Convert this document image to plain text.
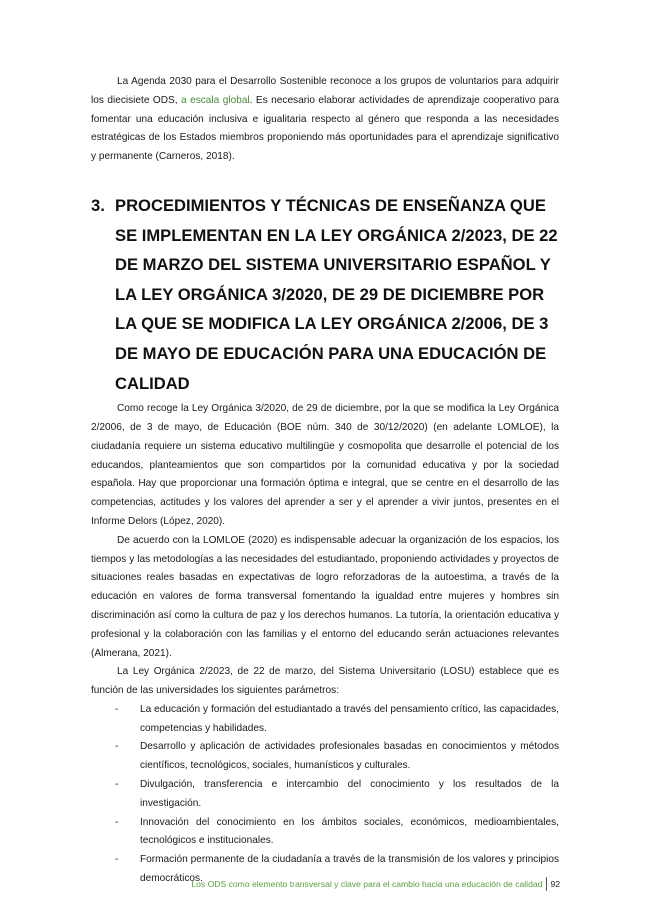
La Agenda 2030 para el Desarrollo Sostenible reconoce a los grupos de voluntarios para adquirir los diecisiete ODS, a escala global. Es necesario elaborar actividades de aprendizaje cooperativo para fomentar una educación inclusiva e igualitaria respecto al género que responda a las necesidades estratégicas de los Estados miembros proponiendo más oportunidades para el aprendizaje significativo y permanente (Carneros, 2018).

3. PROCEDIMIENTOS Y TÉCNICAS DE ENSEÑANZA QUE SE IMPLEMENTAN EN LA LEY ORGÁNICA 2/2023, DE 22 DE MARZO DEL SISTEMA UNIVERSITARIO ESPAÑOL Y LA LEY ORGÁNICA 3/2020, DE 29 DE DICIEMBRE POR LA QUE SE MODIFICA LA LEY ORGÁNICA 2/2006, DE 3 DE MAYO DE EDUCACIÓN PARA UNA EDUCACIÓN DE CALIDAD

Como recoge la Ley Orgánica 3/2020, de 29 de diciembre, por la que se modifica la Ley Orgánica 2/2006, de 3 de mayo, de Educación (BOE núm. 340 de 30/12/2020) (en adelante LOMLOE), la ciudadanía requiere un sistema educativo multilingüe y cosmopolita que desarrolle el potencial de los educandos, planteamientos que son compartidos por la comunidad educativa y por la sociedad española. Hay que proporcionar una formación óptima e integral, que se centre en el desarrollo de las competencias, actitudes y los valores del aprender a ser y el aprender a vivir juntos, presentes en el Informe Delors (López, 2020).

De acuerdo con la LOMLOE (2020) es indispensable adecuar la organización de los espacios, los tiempos y las metodologías a las necesidades del estudiantado, proponiendo actividades y proyectos de situaciones reales basadas en expectativas de logro reforzadoras de la autoestima, a través de la educación en valores de forma transversal fomentando la igualdad entre mujeres y hombres sin discriminación así como la cultura de paz y los derechos humanos. La tutoría, la orientación educativa y profesional y la colaboración con las familias y el entorno del educando serán actuaciones relevantes (Almerana, 2021).

La Ley Orgánica 2/2023, de 22 de marzo, del Sistema Universitario (LOSU) establece que es función de las universidades los siguientes parámetros:

- La educación y formación del estudiantado a través del pensamiento crítico, las capacidades, competencias y habilidades.
- Desarrollo y aplicación de actividades profesionales basadas en conocimientos y métodos científicos, tecnológicos, sociales, humanísticos y culturales.
- Divulgación, transferencia e intercambio del conocimiento y los resultados de la investigación.
- Innovación del conocimiento en los ámbitos sociales, económicos, medioambientales, tecnológicos e institucionales.
- Formación permanente de la ciudadanía a través de la transmisión de los valores y principios democráticos.
Los ODS como elemento transversal y clave para el cambio hacia una educación de calidad 92
